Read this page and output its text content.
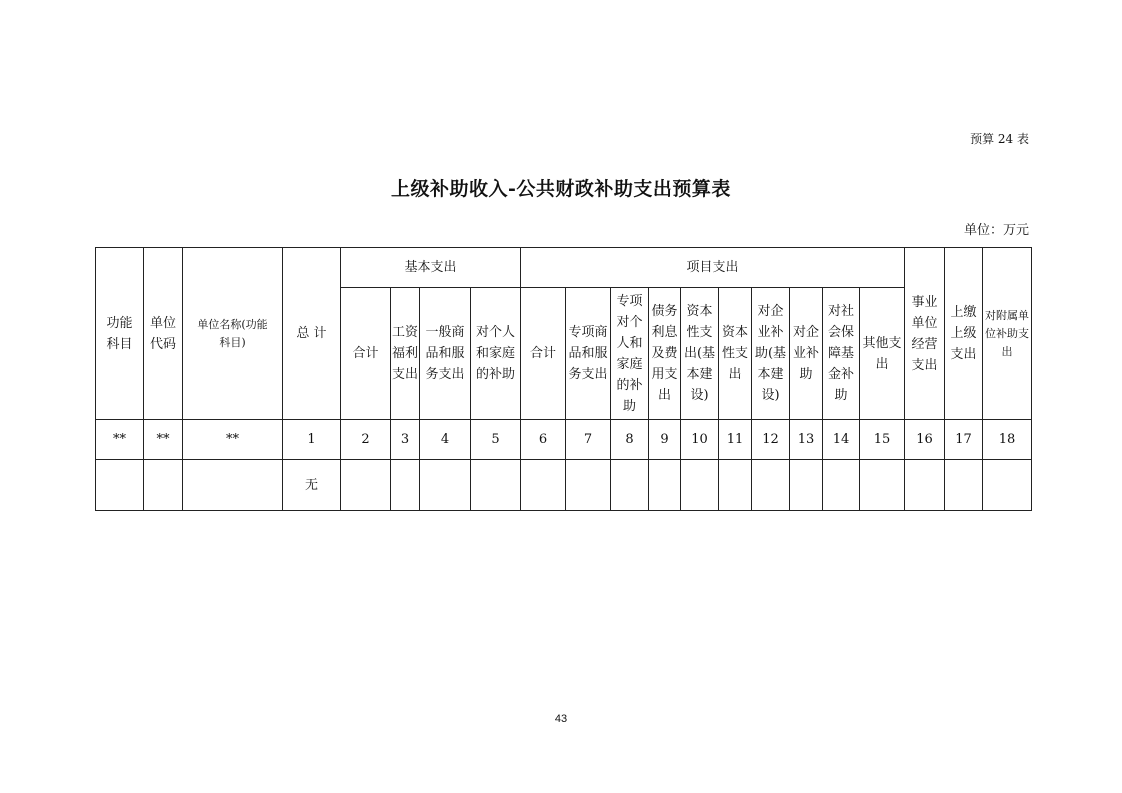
预算 24 表
上级补助收入-公共财政补助支出预算表
单位：万元
功能科目	单位代码	单位名称(功能科目)	总 计	基本支出				项目支出										事业单位经营支出	上缴上级支出	对附属单位补助支出
				合计	工资福利支出	一般商品和服务支出	对个人和家庭的补助	合计	专项商品和服务支出	专项对个人和家庭的补助	债务利息及费用支出	资本性支出(基本建设)	资本性支出	对企业补助(基本建设)	对企业补助	对社会保障基金补助	其他支出			
**	**	**	1	2	3	4	5	6	7	8	9	10	11	12	13	14	15	16	17	18
			无																	
43
